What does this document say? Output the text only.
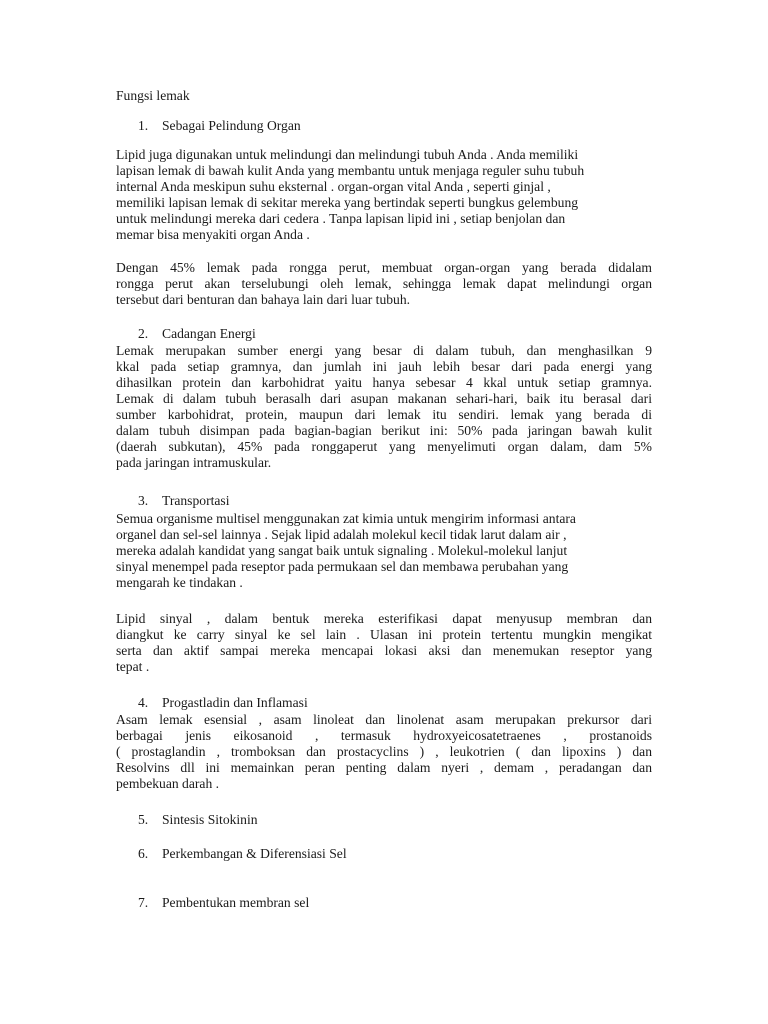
Fungsi lemak
1. Sebagai Pelindung Organ
Lipid juga digunakan untuk melindungi dan melindungi tubuh Anda . Anda memiliki
lapisan lemak di bawah kulit Anda yang membantu untuk menjaga reguler suhu tubuh
internal Anda meskipun suhu eksternal . organ-organ vital Anda , seperti ginjal ,
memiliki lapisan lemak di sekitar mereka yang bertindak seperti bungkus gelembung
untuk melindungi mereka dari cedera . Tanpa lapisan lipid ini , setiap benjolan dan
memar bisa menyakiti organ Anda .
Dengan 45% lemak pada rongga perut, membuat organ-organ yang berada didalam
rongga perut akan terselubungi oleh lemak, sehingga lemak dapat melindungi organ
tersebut dari benturan dan bahaya lain dari luar tubuh.
2. Cadangan Energi
Lemak merupakan sumber energi yang besar di dalam tubuh, dan menghasilkan 9
kkal pada setiap gramnya, dan jumlah ini jauh lebih besar dari pada energi yang
dihasilkan protein dan karbohidrat yaitu hanya sebesar 4 kkal untuk setiap gramnya.
Lemak di dalam tubuh berasalh dari asupan makanan sehari-hari, baik itu berasal dari
sumber karbohidrat, protein, maupun dari lemak itu sendiri. lemak yang berada di
dalam tubuh disimpan pada bagian-bagian berikut ini: 50% pada jaringan bawah kulit
(daerah subkutan), 45% pada ronggaperut yang menyelimuti organ dalam, dam 5%
pada jaringan intramuskular.
3. Transportasi
Semua organisme multisel menggunakan zat kimia untuk mengirim informasi antara
organel dan sel-sel lainnya . Sejak lipid adalah molekul kecil tidak larut dalam air ,
mereka adalah kandidat yang sangat baik untuk signaling . Molekul-molekul lanjut
sinyal menempel pada reseptor pada permukaan sel dan membawa perubahan yang
mengarah ke tindakan .
Lipid sinyal , dalam bentuk mereka esterifikasi dapat menyusup membran dan
diangkut ke carry sinyal ke sel lain . Ulasan ini protein tertentu mungkin mengikat
serta dan aktif sampai mereka mencapai lokasi aksi dan menemukan reseptor yang
tepat .
4. Progastladin dan Inflamasi
Asam lemak esensial , asam linoleat dan linolenat asam merupakan prekursor dari
berbagai jenis eikosanoid , termasuk hydroxyeicosatetraenes , prostanoids
( prostaglandin , tromboksan dan prostacyclins ) , leukotrien ( dan lipoxins ) dan
Resolvins dll ini memainkan peran penting dalam nyeri , demam , peradangan dan
pembekuan darah .
5. Sintesis Sitokinin
6. Perkembangan & Diferensiasi Sel
7. Pembentukan membran sel
